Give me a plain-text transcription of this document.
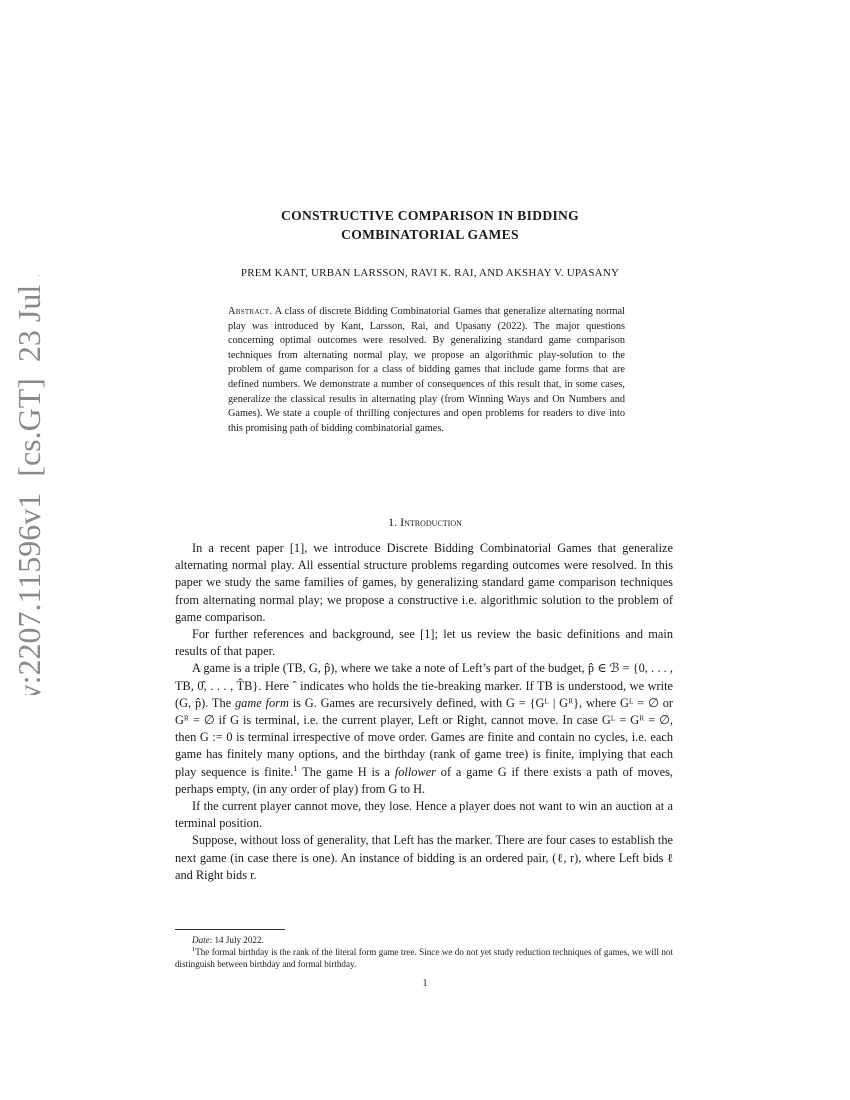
arXiv:2207.11596v1  [cs.GT]  23 Jul 2022	CONSTRUCTIVE COMPARISON IN BIDDING
COMBINATORIAL GAMES
PREM KANT, URBAN LARSSON, RAVI K. RAI, AND AKSHAY V. UPASANY
Abstract. A class of discrete Bidding Combinatorial Games that generalize alternating normal play was introduced by Kant, Larsson, Rai, and Upasany (2022). The major questions concerning optimal outcomes were resolved. By generalizing standard game comparison techniques from alternating normal play, we propose an algorithmic play-solution to the problem of game comparison for a class of bidding games that include game forms that are defined numbers. We demonstrate a number of consequences of this result that, in some cases, generalize the classical results in alternating play (from Winning Ways and On Numbers and Games). We state a couple of thrilling conjectures and open problems for readers to dive into this promising path of bidding combinatorial games.
1. Introduction

In a recent paper [1], we introduce Discrete Bidding Combinatorial Games that generalize alternating normal play. All essential structure problems regarding outcomes were resolved. In this paper we study the same families of games, by generalizing standard game comparison techniques from alternating normal play; we propose a constructive i.e. algorithmic solution to the problem of game comparison.

For further references and background, see [1]; let us review the basic definitions and main results of that paper.

A game is a triple (TB, G, p̂), where we take a note of Left’s part of the budget, p̂ ∈ ℬ = {0, . . . , TB, 0̂, . . . , T̂B}. Here ˆ indicates who holds the tie-breaking marker. If TB is understood, we write (G, p̂). The game form is G. Games are recursively defined, with G = {Gᴸ | Gᴿ}, where Gᴸ = ∅ or Gᴿ = ∅ if G is terminal, i.e. the current player, Left or Right, cannot move. In case Gᴸ = Gᴿ = ∅, then G := 0 is terminal irrespective of move order. Games are finite and contain no cycles, i.e. each game has finitely many options, and the birthday (rank of game tree) is finite, implying that each play sequence is finite.$^1$ The game H is a follower of a game G if there exists a path of moves, perhaps empty, (in any order of play) from G to H.

If the current player cannot move, they lose. Hence a player does not want to win an auction at a terminal position.

Suppose, without loss of generality, that Left has the marker. There are four cases to establish the next game (in case there is one). An instance of bidding is an ordered pair, (ℓ, r), where Left bids ℓ and Right bids r.

Date: 14 July 2022.

$^1$The formal birthday is the rank of the literal form game tree. Since we do not yet study reduction techniques of games, we will not distinguish between birthday and formal birthday.

1
